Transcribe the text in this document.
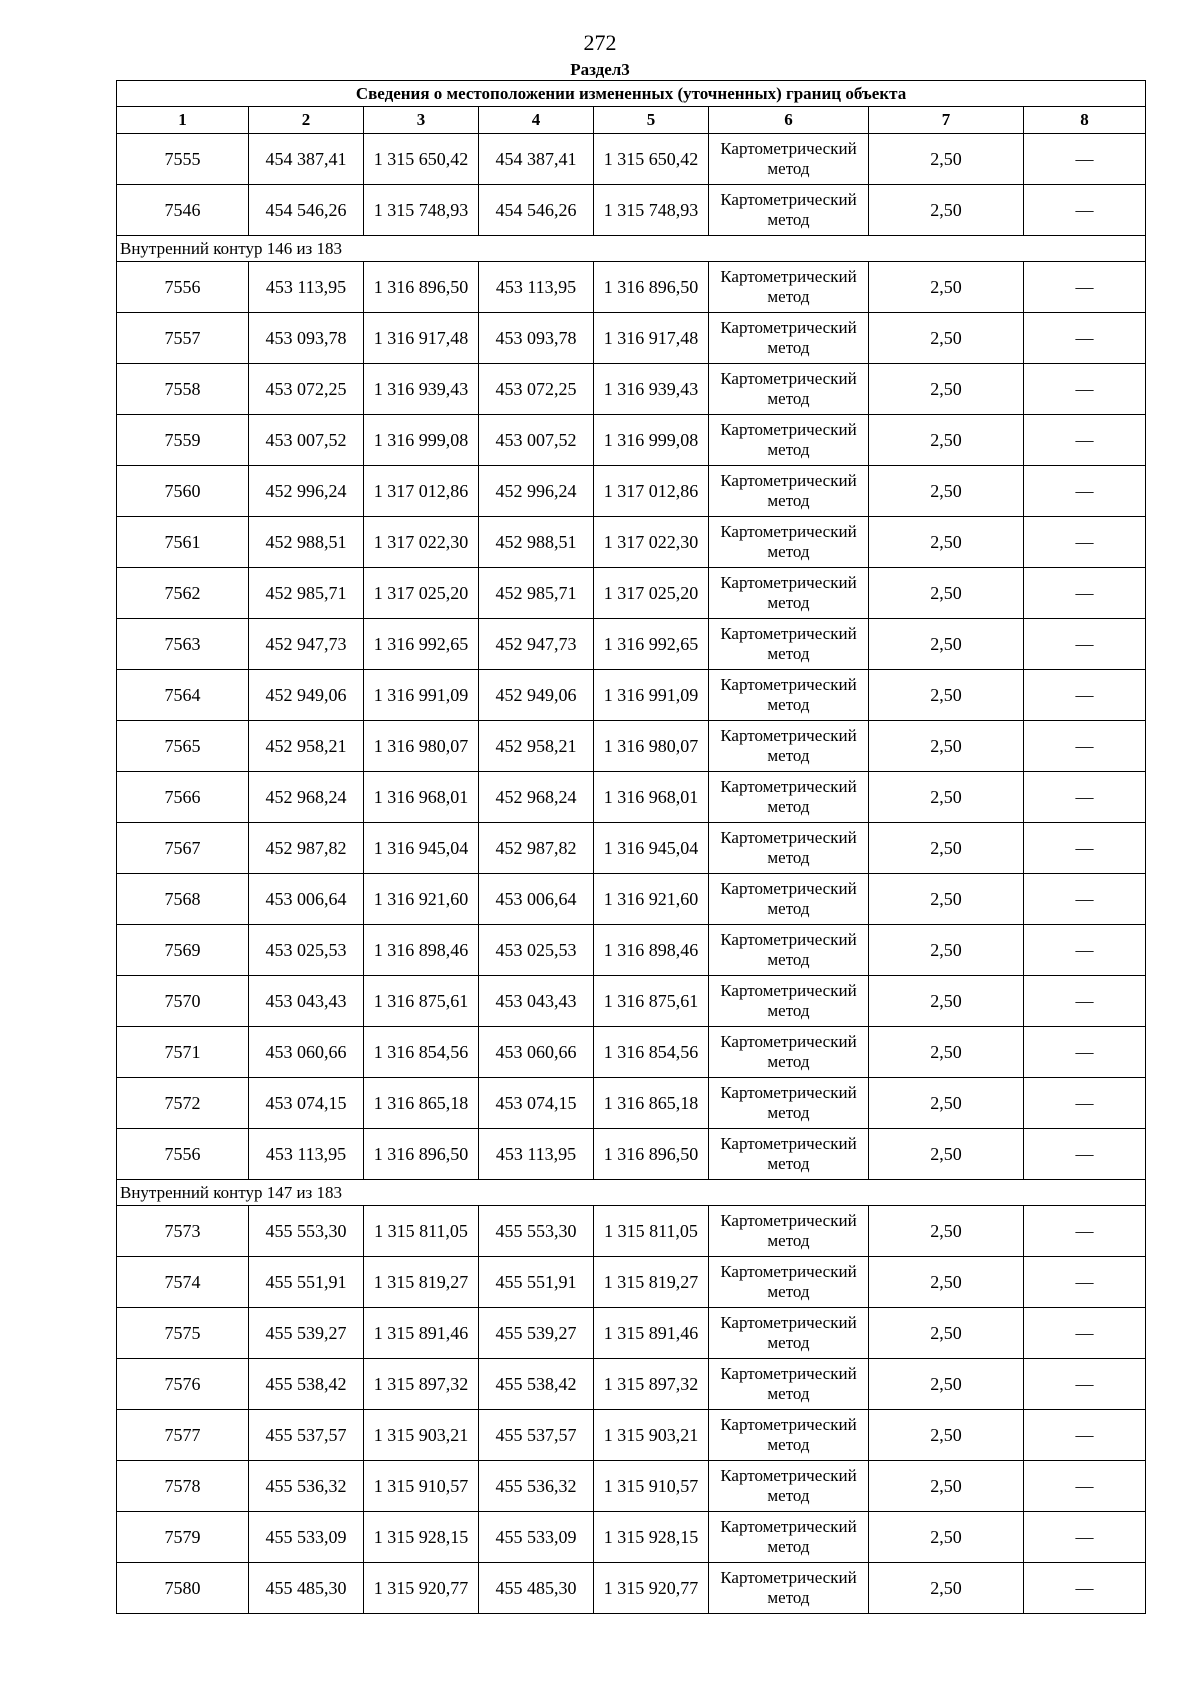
272
Раздел3
Сведения о местоположении измененных (уточненных) границ объекта							
1	2	3	4	5	6	7	8
7555	454 387,41	1 315 650,42	454 387,41	1 315 650,42	Картометрический метод	2,50	—
7546	454 546,26	1 315 748,93	454 546,26	1 315 748,93	Картометрический метод	2,50	—
Внутренний контур 146 из 183							
7556	453 113,95	1 316 896,50	453 113,95	1 316 896,50	Картометрический метод	2,50	—
7557	453 093,78	1 316 917,48	453 093,78	1 316 917,48	Картометрический метод	2,50	—
7558	453 072,25	1 316 939,43	453 072,25	1 316 939,43	Картометрический метод	2,50	—
7559	453 007,52	1 316 999,08	453 007,52	1 316 999,08	Картометрический метод	2,50	—
7560	452 996,24	1 317 012,86	452 996,24	1 317 012,86	Картометрический метод	2,50	—
7561	452 988,51	1 317 022,30	452 988,51	1 317 022,30	Картометрический метод	2,50	—
7562	452 985,71	1 317 025,20	452 985,71	1 317 025,20	Картометрический метод	2,50	—
7563	452 947,73	1 316 992,65	452 947,73	1 316 992,65	Картометрический метод	2,50	—
7564	452 949,06	1 316 991,09	452 949,06	1 316 991,09	Картометрический метод	2,50	—
7565	452 958,21	1 316 980,07	452 958,21	1 316 980,07	Картометрический метод	2,50	—
7566	452 968,24	1 316 968,01	452 968,24	1 316 968,01	Картометрический метод	2,50	—
7567	452 987,82	1 316 945,04	452 987,82	1 316 945,04	Картометрический метод	2,50	—
7568	453 006,64	1 316 921,60	453 006,64	1 316 921,60	Картометрический метод	2,50	—
7569	453 025,53	1 316 898,46	453 025,53	1 316 898,46	Картометрический метод	2,50	—
7570	453 043,43	1 316 875,61	453 043,43	1 316 875,61	Картометрический метод	2,50	—
7571	453 060,66	1 316 854,56	453 060,66	1 316 854,56	Картометрический метод	2,50	—
7572	453 074,15	1 316 865,18	453 074,15	1 316 865,18	Картометрический метод	2,50	—
7556	453 113,95	1 316 896,50	453 113,95	1 316 896,50	Картометрический метод	2,50	—
Внутренний контур 147 из 183							
7573	455 553,30	1 315 811,05	455 553,30	1 315 811,05	Картометрический метод	2,50	—
7574	455 551,91	1 315 819,27	455 551,91	1 315 819,27	Картометрический метод	2,50	—
7575	455 539,27	1 315 891,46	455 539,27	1 315 891,46	Картометрический метод	2,50	—
7576	455 538,42	1 315 897,32	455 538,42	1 315 897,32	Картометрический метод	2,50	—
7577	455 537,57	1 315 903,21	455 537,57	1 315 903,21	Картометрический метод	2,50	—
7578	455 536,32	1 315 910,57	455 536,32	1 315 910,57	Картометрический метод	2,50	—
7579	455 533,09	1 315 928,15	455 533,09	1 315 928,15	Картометрический метод	2,50	—
7580	455 485,30	1 315 920,77	455 485,30	1 315 920,77	Картометрический метод	2,50	—
